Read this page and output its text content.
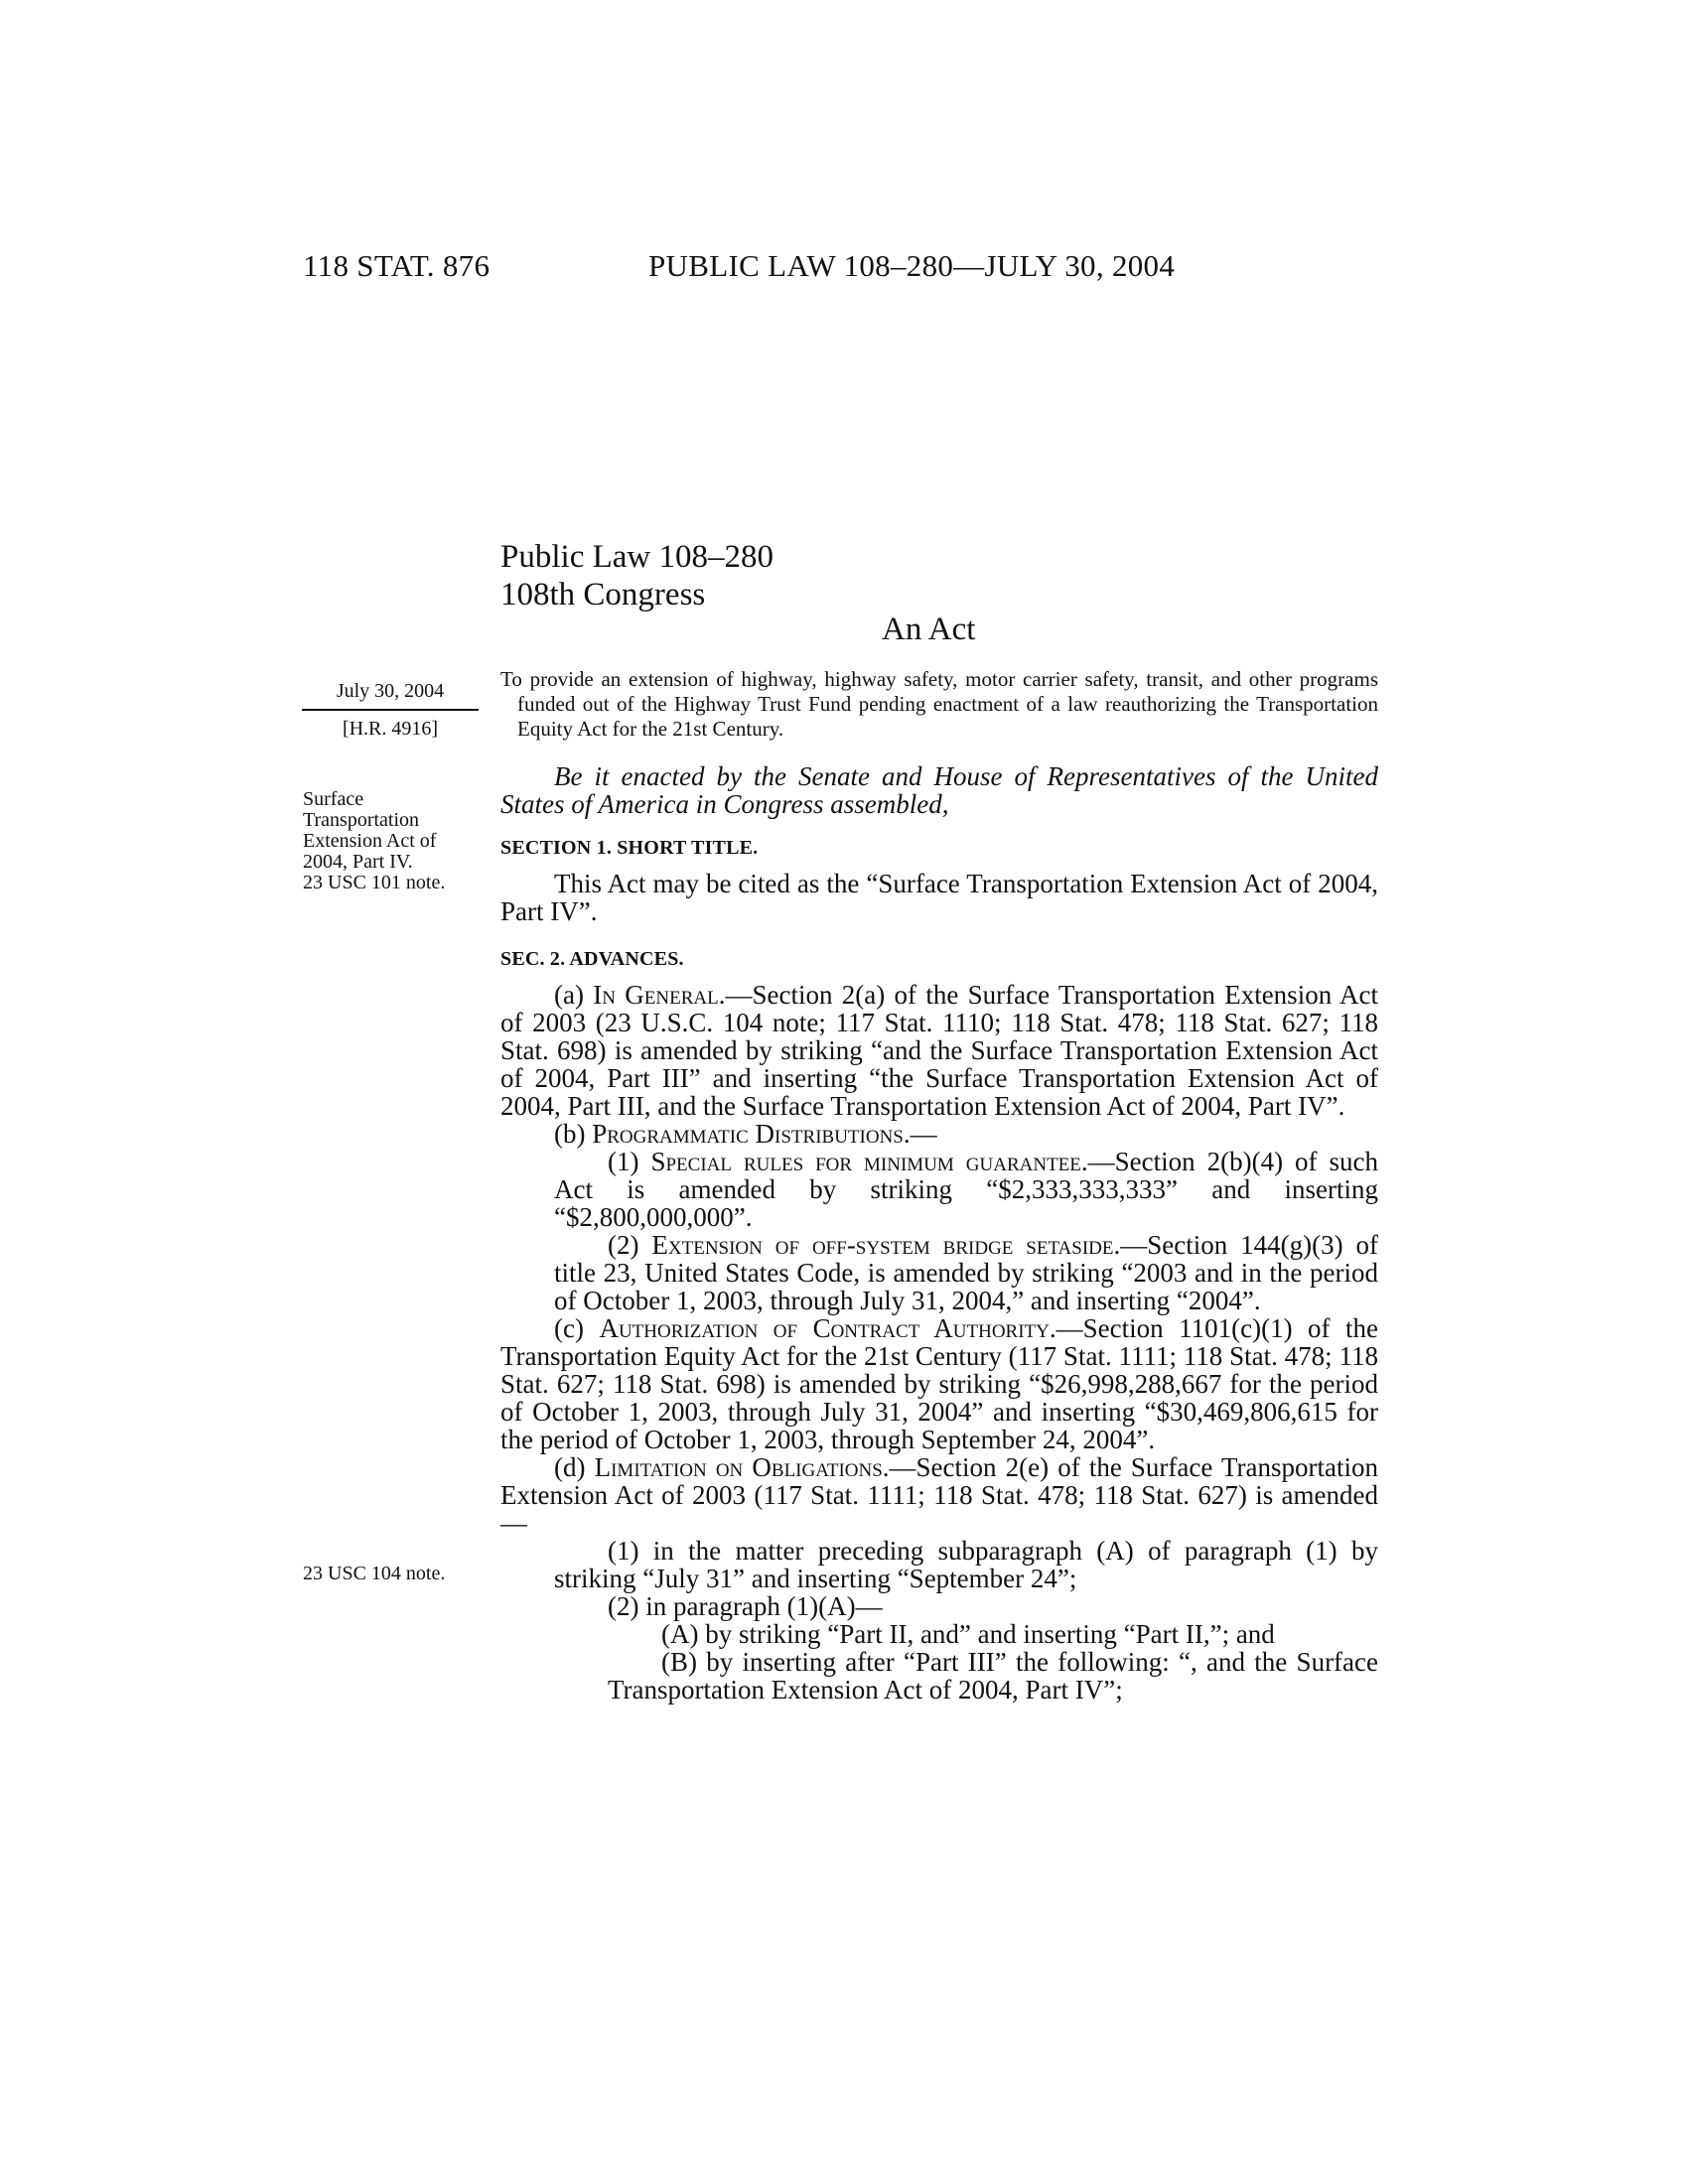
118 STAT. 876	PUBLIC LAW 108–280—JULY 30, 2004
Public Law 108–280
108th Congress
An Act
July 30, 2004
[H.R. 4916]
To provide an extension of highway, highway safety, motor carrier safety, transit, and other programs funded out of the Highway Trust Fund pending enactment of a law reauthorizing the Transportation Equity Act for the 21st Century.
Surface
Transportation
Extension Act of
2004, Part IV.
23 USC 101 note.
Be it enacted by the Senate and House of Representatives of the United States of America in Congress assembled,
SECTION 1. SHORT TITLE.

This Act may be cited as the “Surface Transportation Extension Act of 2004, Part IV”.

SEC. 2. ADVANCES.

(a) In General.—Section 2(a) of the Surface Transportation Extension Act of 2003 (23 U.S.C. 104 note; 117 Stat. 1110; 118 Stat. 478; 118 Stat. 627; 118 Stat. 698) is amended by striking “and the Surface Transportation Extension Act of 2004, Part III” and inserting “the Surface Transportation Extension Act of 2004, Part III, and the Surface Transportation Extension Act of 2004, Part IV”.

(b) Programmatic Distributions.—

(1) Special rules for minimum guarantee.—Section 2(b)(4) of such Act is amended by striking “$2,333,333,333” and inserting “$2,800,000,000”.

(2) Extension of off-system bridge setaside.—Section 144(g)(3) of title 23, United States Code, is amended by striking “2003 and in the period of October 1, 2003, through July 31, 2004,” and inserting “2004”.

(c) Authorization of Contract Authority.—Section 1101(c)(1) of the Transportation Equity Act for the 21st Century (117 Stat. 1111; 118 Stat. 478; 118 Stat. 627; 118 Stat. 698) is amended by striking “$26,998,288,667 for the period of October 1, 2003, through July 31, 2004” and inserting “$30,469,806,615 for the period of October 1, 2003, through September 24, 2004”.

(d) Limitation on Obligations.—Section 2(e) of the Surface Transportation Extension Act of 2003 (117 Stat. 1111; 118 Stat. 478; 118 Stat. 627) is amended—

(1) in the matter preceding subparagraph (A) of paragraph (1) by striking “July 31” and inserting “September 24”;

(2) in paragraph (1)(A)—

(A) by striking “Part II, and” and inserting “Part II,”; and

(B) by inserting after “Part III” the following: “, and the Surface Transportation Extension Act of 2004, Part IV”;

23 USC 104 note.
